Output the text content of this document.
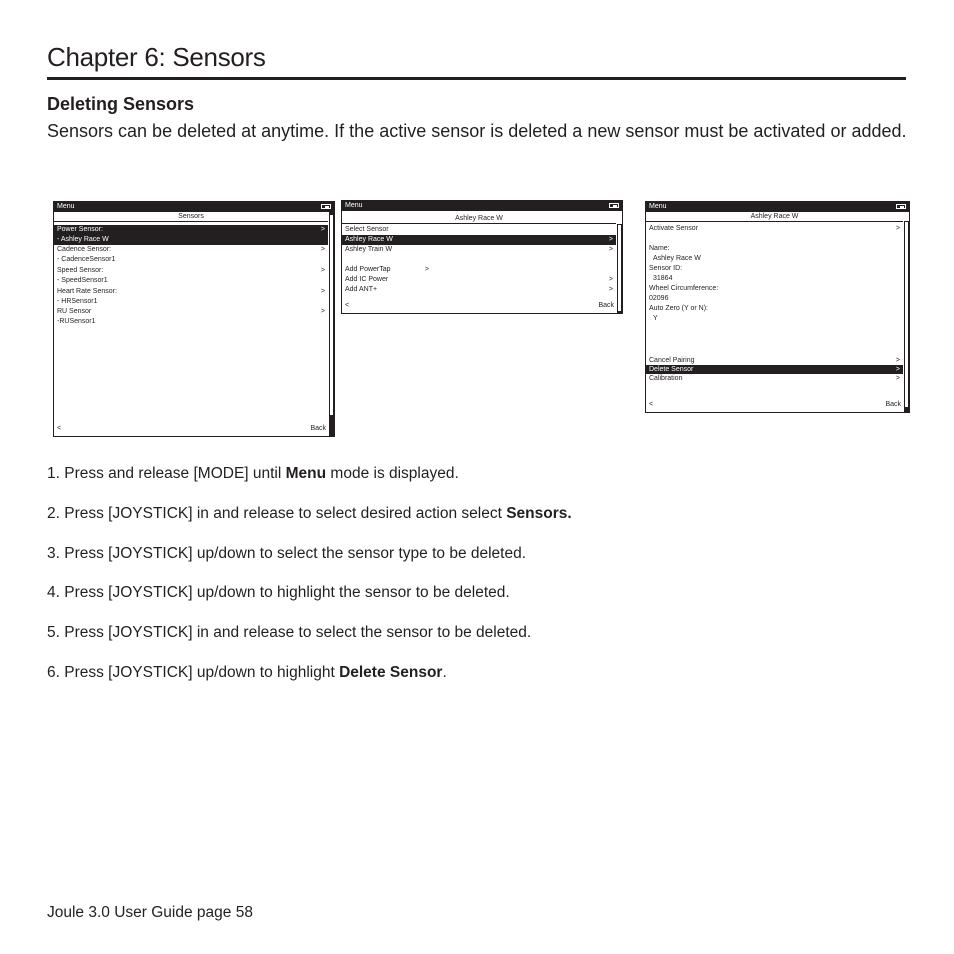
Chapter 6: Sensors
Deleting Sensors
Sensors can be deleted at anytime. If the active sensor is deleted a new sensor must be activated or added.
Menu
Sensors
Power Sensor:	>
- Ashley Race W
Cadence Sensor:	>
- CadenceSensor1
Speed Sensor:	>
- SpeedSensor1
Heart Rate Sensor:	>
- HRSensor1
RU Sensor	>
-RUSensor1
<	Back
Menu
Ashley Race W
Select Sensor
Ashley Race W	>
Ashley Train W	>
Add PowerTap	>
Add IC Power	>
Add ANT+	>
<	Back
Menu
Ashley Race W
Activate Sensor	>
Name:
Ashley Race W
Sensor ID:
31864
Wheel Circumference:
02096
Auto Zero (Y or N):
Y
Cancel Pairing	>
Delete Sensor	>
Calibration	>
<	Back
1. Press and release [MODE] until Menu mode is displayed.
2. Press [JOYSTICK] in and release to select desired action select Sensors.
3. Press [JOYSTICK] up/down to select the sensor type to be deleted.
4. Press [JOYSTICK] up/down to highlight the sensor to be deleted.
5. Press [JOYSTICK] in and release to select the sensor to be deleted.
6. Press [JOYSTICK] up/down to highlight Delete Sensor.
Joule 3.0 User Guide page 58
